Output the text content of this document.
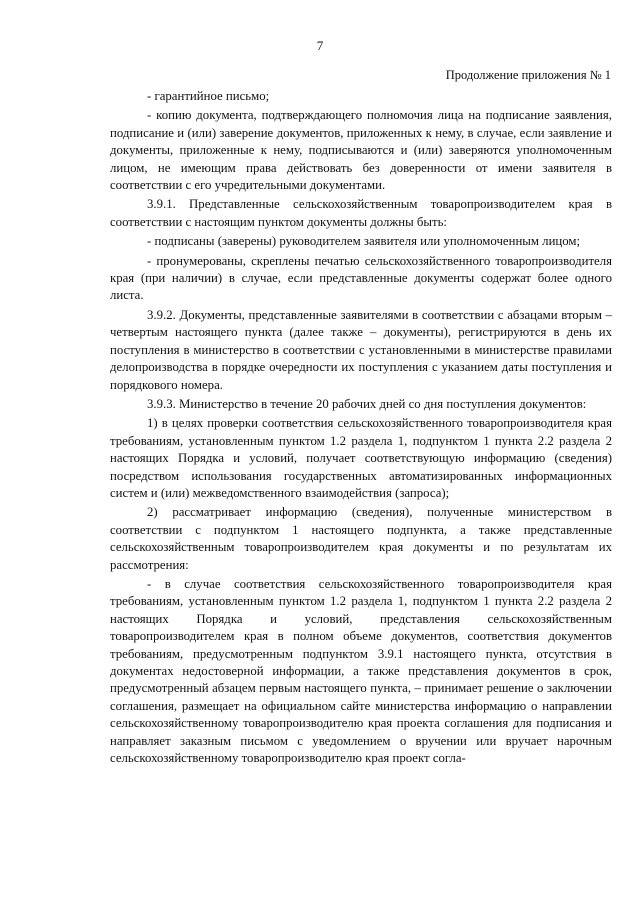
7
Продолжение приложения № 1

- гарантийное письмо;

- копию документа, подтверждающего полномочия лица на подписание заявления, подписание и (или) заверение документов, приложенных к нему, в случае, если заявление и документы, приложенные к нему, подписываются и (или) заверяются уполномоченным лицом, не имеющим права действовать без доверенности от имени заявителя в соответствии с его учредительными документами.

3.9.1. Представленные сельскохозяйственным товаропроизводителем края в соответствии с настоящим пунктом документы должны быть:

- подписаны (заверены) руководителем заявителя или уполномоченным лицом;

- пронумерованы, скреплены печатью сельскохозяйственного товаропроизводителя края (при наличии) в случае, если представленные документы содержат более одного листа.

3.9.2. Документы, представленные заявителями в соответствии с абзацами вторым – четвертым настоящего пункта (далее также – документы), регистрируются в день их поступления в министерство в соответствии с установленными в министерстве правилами делопроизводства в порядке очередности их поступления с указанием даты поступления и порядкового номера.

3.9.3. Министерство в течение 20 рабочих дней со дня поступления документов:

1) в целях проверки соответствия сельскохозяйственного товаропроизводителя края требованиям, установленным пунктом 1.2 раздела 1, подпунктом 1 пункта 2.2 раздела 2 настоящих Порядка и условий, получает соответствующую информацию (сведения) посредством использования государственных автоматизированных информационных систем и (или) межведомственного взаимодействия (запроса);

2) рассматривает информацию (сведения), полученные министерством в соответствии с подпунктом 1 настоящего подпункта, а также представленные сельскохозяйственным товаропроизводителем края документы и по результатам их рассмотрения:

- в случае соответствия сельскохозяйственного товаропроизводителя края требованиям, установленным пунктом 1.2 раздела 1, подпунктом 1 пункта 2.2 раздела 2 настоящих Порядка и условий, представления сельскохозяйственным товаропроизводителем края в полном объеме документов, соответствия документов требованиям, предусмотренным подпунктом 3.9.1 настоящего пункта, отсутствия в документах недостоверной информации, а также представления документов в срок, предусмотренный абзацем первым настоящего пункта, – принимает решение о заключении соглашения, размещает на официальном сайте министерства информацию о направлении сельскохозяйственному товаропроизводителю края проекта соглашения для подписания и направляет заказным письмом с уведомлением о вручении или вручает нарочным сельскохозяйственному товаропроизводителю края проект согла-
